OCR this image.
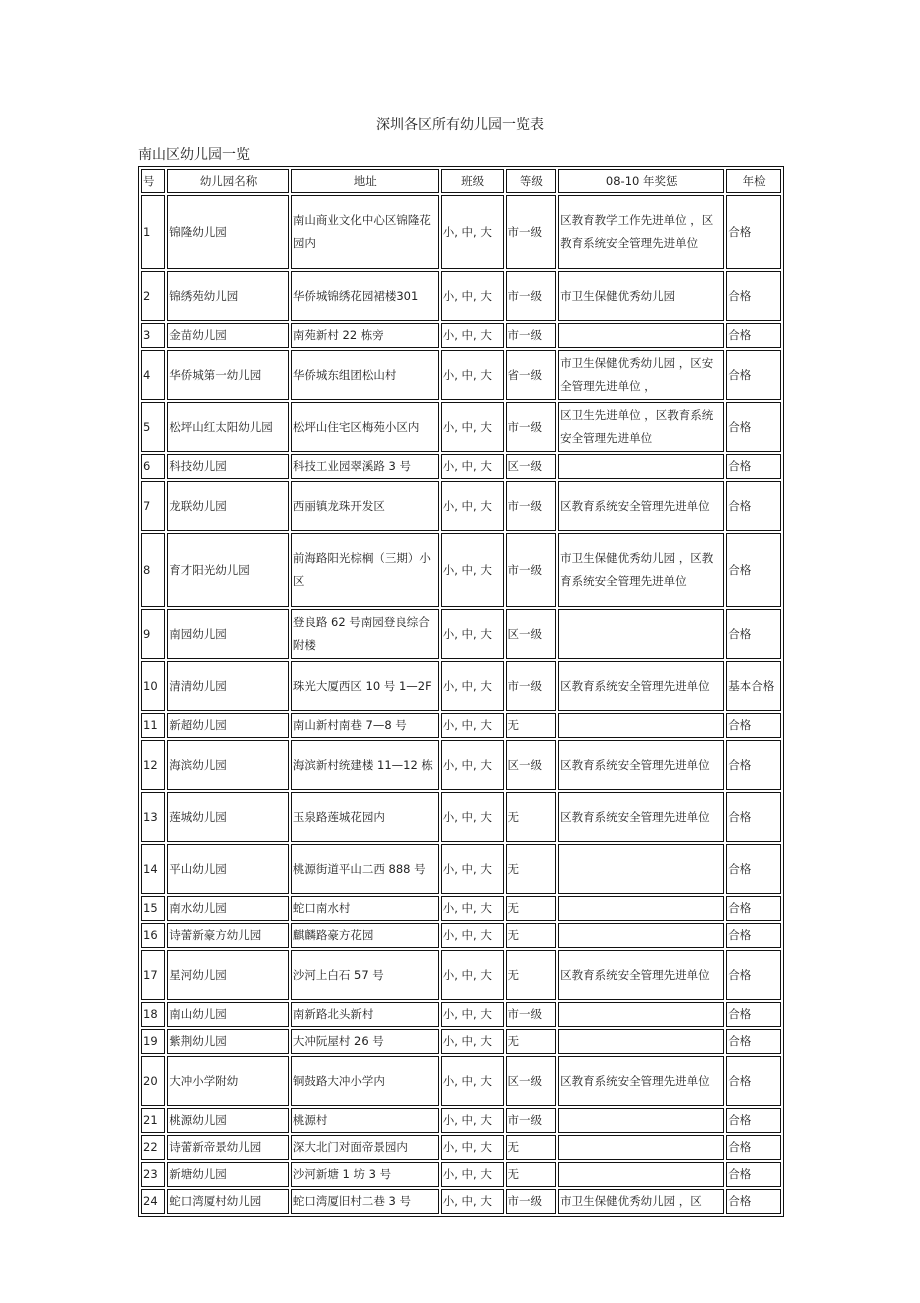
深圳各区所有幼儿园一览表
南山区幼儿园一览
号	幼儿园名称	地址	班级	等级	08-10 年奖惩	年检
1	锦隆幼儿园	南山商业文化中心区锦隆花园内	小, 中, 大	市一级	区教育教学工作先进单位 ，区教育系统安全管理先进单位	合格
2	锦绣苑幼儿园	华侨城锦绣花园裙楼301	小, 中, 大	市一级	市卫生保健优秀幼儿园	合格
3	金苗幼儿园	南苑新村 22 栋旁	小, 中, 大	市一级		合格
4	华侨城第一幼儿园	华侨城东组团松山村	小, 中, 大	省一级	市卫生保健优秀幼儿园 ，区安全管理先进单位 ，	合格
5	松坪山红太阳幼儿园	松坪山住宅区梅苑小区内	小, 中, 大	市一级	区卫生先进单位 ，区教育系统安全管理先进单位	合格
6	科技幼儿园	科技工业园翠溪路 3 号	小, 中, 大	区一级		合格
7	龙联幼儿园	西丽镇龙珠开发区	小, 中, 大	市一级	区教育系统安全管理先进单位	合格
8	育才阳光幼儿园	前海路阳光棕榈（三期）小区	小, 中, 大	市一级	市卫生保健优秀幼儿园 ，区教育系统安全管理先进单位	合格
9	南园幼儿园	登良路 62 号南园登良综合附楼	小, 中, 大	区一级		合格
10	清清幼儿园	珠光大厦西区 10 号 1—2F	小, 中, 大	市一级	区教育系统安全管理先进单位	基本合格
11	新超幼儿园	南山新村南巷 7—8 号	小, 中, 大	无		合格
12	海滨幼儿园	海滨新村统建楼 11—12 栋	小, 中, 大	区一级	区教育系统安全管理先进单位	合格
13	莲城幼儿园	玉泉路莲城花园内	小, 中, 大	无	区教育系统安全管理先进单位	合格
14	平山幼儿园	桃源街道平山二西 888 号	小, 中, 大	无		合格
15	南水幼儿园	蛇口南水村	小, 中, 大	无		合格
16	诗蕾新豪方幼儿园	麒麟路豪方花园	小, 中, 大	无		合格
17	星河幼儿园	沙河上白石 57 号	小, 中, 大	无	区教育系统安全管理先进单位	合格
18	南山幼儿园	南新路北头新村	小, 中, 大	市一级		合格
19	紫荆幼儿园	大冲阮屋村 26 号	小, 中, 大	无		合格
20	大冲小学附幼	铜鼓路大冲小学内	小, 中, 大	区一级	区教育系统安全管理先进单位	合格
21	桃源幼儿园	桃源村	小, 中, 大	市一级		合格
22	诗蕾新帝景幼儿园	深大北门对面帝景园内	小, 中, 大	无		合格
23	新塘幼儿园	沙河新塘 1 坊 3 号	小, 中, 大	无		合格
24	蛇口湾厦村幼儿园	蛇口湾厦旧村二巷 3 号	小, 中, 大	市一级	市卫生保健优秀幼儿园 ，区	合格
